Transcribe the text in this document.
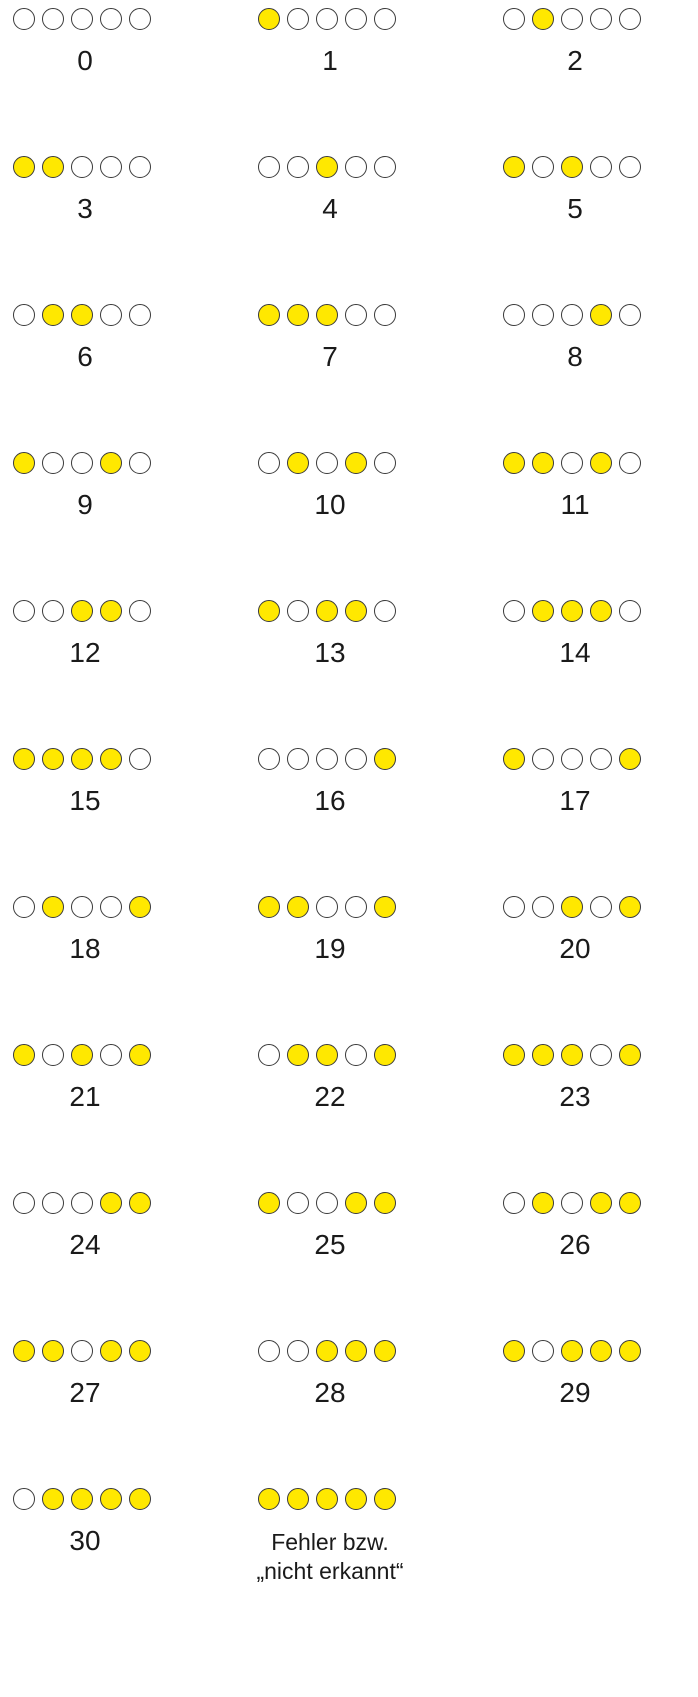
0	1	2
3	4	5
6	7	8
9	10	11
12	13	14
15	16	17
18	19	20
21	22	23
24	25	26
27	28	29
30	Fehler bzw.
„nicht erkannt“
